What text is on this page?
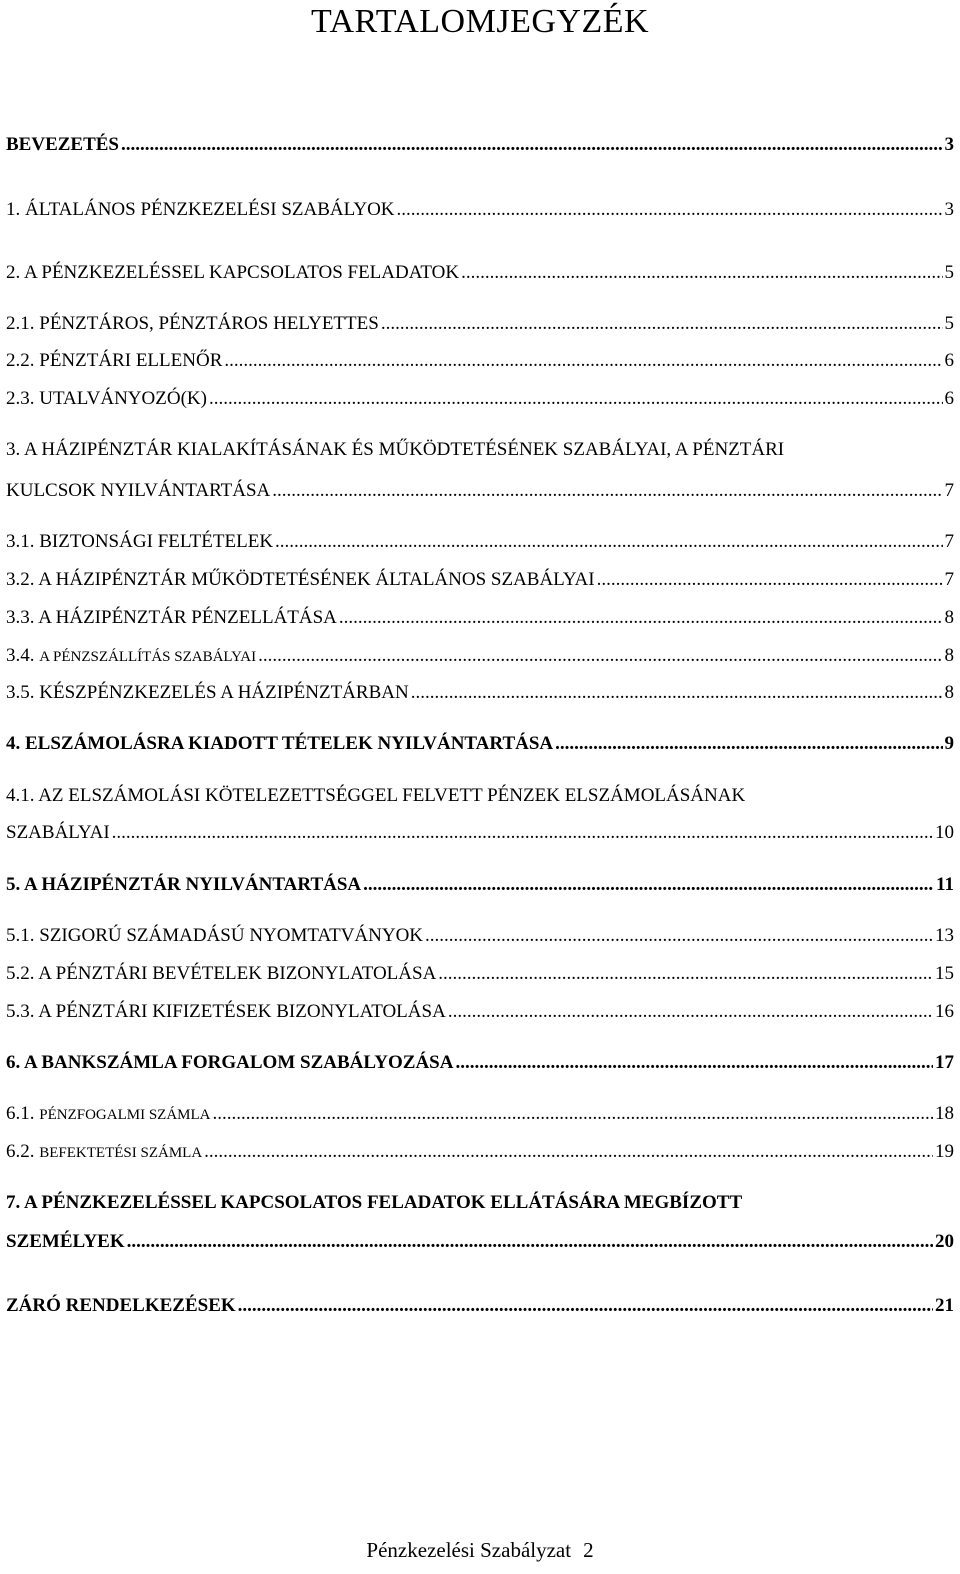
TARTALOMJEGYZÉK
BEVEZETÉS .....	3
1. ÁLTALÁNOS PÉNZKEZELÉSI SZABÁLYOK .....	3
2. A PÉNZKEZELÉSSEL KAPCSOLATOS FELADATOK .....	5
2.1. PÉNZTÁROS, PÉNZTÁROS HELYETTES .....	5
2.2. PÉNZTÁRI ELLENŐR .....	6
2.3. UTALVÁNYOZÓ(K) .....	6
3. A HÁZIPÉNZTÁR KIALAKÍTÁSÁNAK ÉS MŰKÖDTETÉSÉNEK SZABÁLYAI, A PÉNZTÁRI
KULCSOK NYILVÁNTARTÁSA .....	7
3.1. BIZTONSÁGI FELTÉTELEK .....	7
3.2. A HÁZIPÉNZTÁR MŰKÖDTETÉSÉNEK ÁLTALÁNOS SZABÁLYAI .....	7
3.3. A HÁZIPÉNZTÁR PÉNZELLÁTÁSA .....	8
3.4. A PÉNZSZÁLLÍTÁS SZABÁLYAI .....	8
3.5. KÉSZPÉNZKEZELÉS A HÁZIPÉNZTÁRBAN .....	8
4. ELSZÁMOLÁSRA KIADOTT TÉTELEK NYILVÁNTARTÁSA .....	9
4.1. AZ ELSZÁMOLÁSI KÖTELEZETTSÉGGEL FELVETT PÉNZEK ELSZÁMOLÁSÁNAK
SZABÁLYAI .....	10
5. A HÁZIPÉNZTÁR NYILVÁNTARTÁSA .....	11
5.1. SZIGORÚ SZÁMADÁSÚ NYOMTATVÁNYOK .....	13
5.2. A PÉNZTÁRI BEVÉTELEK BIZONYLATOLÁSA .....	15
5.3. A PÉNZTÁRI KIFIZETÉSEK BIZONYLATOLÁSA .....	16
6. A BANKSZÁMLA FORGALOM SZABÁLYOZÁSA .....	17
6.1. PÉNZFOGALMI SZÁMLA .....	18
6.2. BEFEKTETÉSI SZÁMLA .....	19
7. A PÉNZKEZELÉSSEL KAPCSOLATOS FELADATOK ELLÁTÁSÁRA MEGBÍZOTT
SZEMÉLYEK .....	20
ZÁRÓ RENDELKEZÉSEK .....	21
Pénzkezelési Szabályzat 2
